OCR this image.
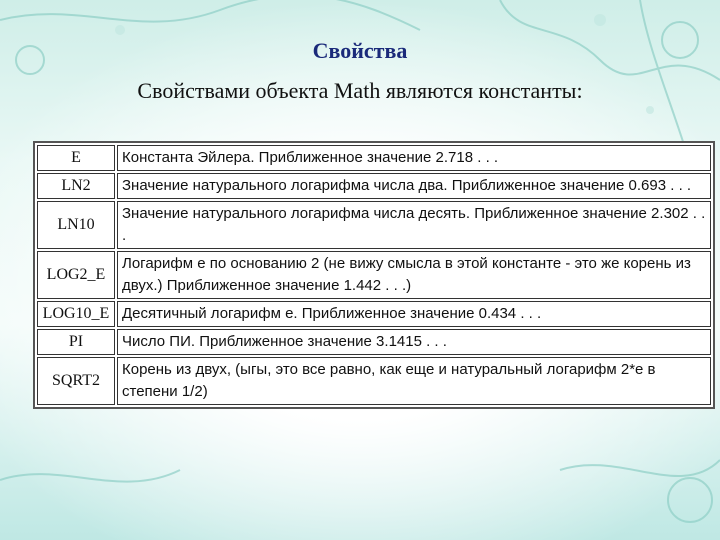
Свойства
Свойствами объекта Math являются константы:
E	Константа Эйлера. Приближенное значение 2.718 . . .
LN2	Значение натурального логарифма числа два. Приближенное значение 0.693 . . .
LN10	Значение натурального логарифма числа десять. Приближенное значение 2.302 . . .
LOG2_E	Логарифм e по основанию 2 (не вижу смысла в этой константе - это же корень из двух.) Приближенное значение 1.442 . . .)
LOG10_E	Десятичный логарифм e. Приближенное значение 0.434 . . .
PI	Число ПИ. Приближенное значение 3.1415 . . .
SQRT2	Корень из двух, (ыгы, это все равно, как еще и натуральный логарифм 2*e в степени 1/2)
